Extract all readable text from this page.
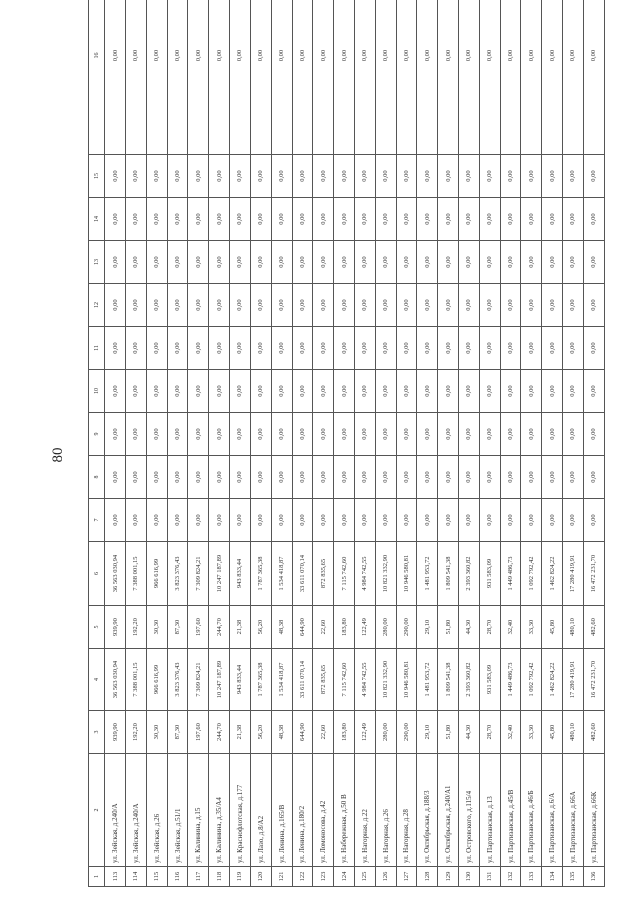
80
1	2	3	4	5	6	7	8	9	10	11	12	13	14	15	16
113	ул. Зейская, д.240/А	939,90	36 563 030,94	939,90	36 563 030,94	0,00	0,00	0,00	0,00	0,00	0,00	0,00	0,00	0,00	0,00
114	ул. Зейская, д.240/А	192,20	7 388 001,15	192,20	7 388 001,15	0,00	0,00	0,00	0,00	0,00	0,00	0,00	0,00	0,00	0,00
115	ул. Зейская, д.26	30,30	966 616,99	30,30	966 616,99	0,00	0,00	0,00	0,00	0,00	0,00	0,00	0,00	0,00	0,00
116	ул. Зейская, д.51/1	87,30	3 823 376,43	87,30	3 823 376,43	0,00	0,00	0,00	0,00	0,00	0,00	0,00	0,00	0,00	0,00
117	ул. Калинина, д.15	197,60	7 309 824,21	197,60	7 309 824,21	0,00	0,00	0,00	0,00	0,00	0,00	0,00	0,00	0,00	0,00
118	ул. Калинина, д.35/А4	244,70	10 247 187,89	244,70	10 247 187,89	0,00	0,00	0,00	0,00	0,00	0,00	0,00	0,00	0,00	0,00
119	ул. Краснофлотская, д.177	21,38	943 833,44	21,38	943 833,44	0,00	0,00	0,00	0,00	0,00	0,00	0,00	0,00	0,00	0,00
120	ул. Лазо, д.8/А2	56,20	1 787 365,38	56,20	1 787 365,38	0,00	0,00	0,00	0,00	0,00	0,00	0,00	0,00	0,00	0,00
121	ул. Ленина, д.165/В	48,38	1 534 418,87	48,38	1 534 418,87	0,00	0,00	0,00	0,00	0,00	0,00	0,00	0,00	0,00	0,00
122	ул. Ленина, д.180/2	644,90	33 611 070,14	644,90	33 611 070,14	0,00	0,00	0,00	0,00	0,00	0,00	0,00	0,00	0,00	0,00
123	ул. Ломоносова, д.42	22,60	872 835,65	22,60	872 835,65	0,00	0,00	0,00	0,00	0,00	0,00	0,00	0,00	0,00	0,00
124	ул. Набережная, д.50 В	183,80	7 115 742,60	183,80	7 115 742,60	0,00	0,00	0,00	0,00	0,00	0,00	0,00	0,00	0,00	0,00
125	ул. Нагорная, д.22	122,49	4 984 742,55	122,49	4 984 742,55	0,00	0,00	0,00	0,00	0,00	0,00	0,00	0,00	0,00	0,00
126	ул. Нагорная, д.26	280,00	10 821 332,90	280,00	10 821 332,90	0,00	0,00	0,00	0,00	0,00	0,00	0,00	0,00	0,00	0,00
127	ул. Нагорная, д.28	290,00	10 946 580,81	290,00	10 946 580,81	0,00	0,00	0,00	0,00	0,00	0,00	0,00	0,00	0,00	0,00
128	ул. Октябрьская, д.188/3	29,10	1 481 953,72	29,10	1 481 953,72	0,00	0,00	0,00	0,00	0,00	0,00	0,00	0,00	0,00	0,00
129	ул. Октябрьская, д.240/А1	51,80	1 809 541,38	51,80	1 809 541,38	0,00	0,00	0,00	0,00	0,00	0,00	0,00	0,00	0,00	0,00
130	ул. Островского, д.115/4	44,30	2 393 360,82	44,30	2 393 360,82	0,00	0,00	0,00	0,00	0,00	0,00	0,00	0,00	0,00	0,00
131	ул. Партизанская, д.13	28,70	931 583,09	28,70	931 583,09	0,00	0,00	0,00	0,00	0,00	0,00	0,00	0,00	0,00	0,00
132	ул. Партизанская, д.45/В	32,40	1 449 486,73	32,40	1 449 486,73	0,00	0,00	0,00	0,00	0,00	0,00	0,00	0,00	0,00	0,00
133	ул. Партизанская, д.46/Б	33,30	1 092 792,42	33,30	1 092 792,42	0,00	0,00	0,00	0,00	0,00	0,00	0,00	0,00	0,00	0,00
134	ул. Партизанская, д.6/А	45,80	1 462 824,22	45,80	1 462 824,22	0,00	0,00	0,00	0,00	0,00	0,00	0,00	0,00	0,00	0,00
135	ул. Партизанская, д.66А	480,10	17 280 419,91	480,10	17 280 419,91	0,00	0,00	0,00	0,00	0,00	0,00	0,00	0,00	0,00	0,00
136	ул. Партизанская, д.66К	482,60	16 472 231,70	482,60	16 472 231,70	0,00	0,00	0,00	0,00	0,00	0,00	0,00	0,00	0,00	0,00
